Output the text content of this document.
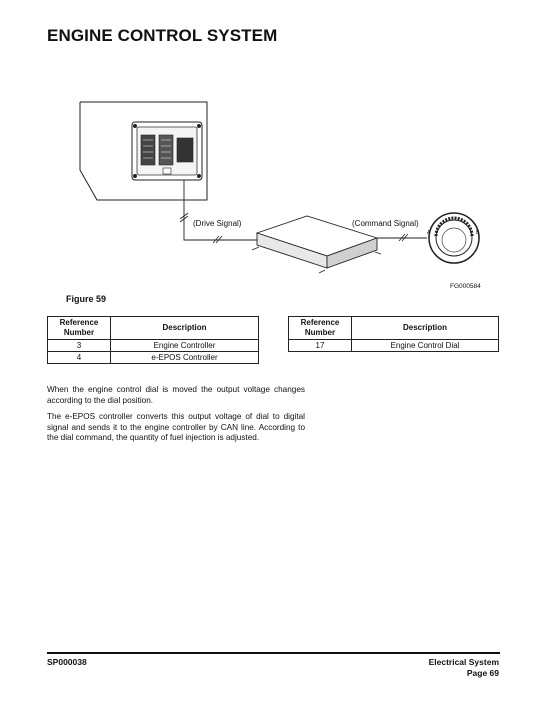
ENGINE CONTROL SYSTEM
(Drive Signal)	(Command Signal)
A	B
FG000584
Figure 59
Reference Number	Description
3	Engine Controller
4	e-EPOS Controller
Reference Number	Description
17	Engine Control Dial
When the engine control dial is moved the output voltage changes according to the dial position.
The e-EPOS controller converts this output voltage of dial to digital signal and sends it to the engine controller by CAN line. According to the dial command, the quantity of fuel injection is adjusted.
SP000038	Electrical System
Page 69
